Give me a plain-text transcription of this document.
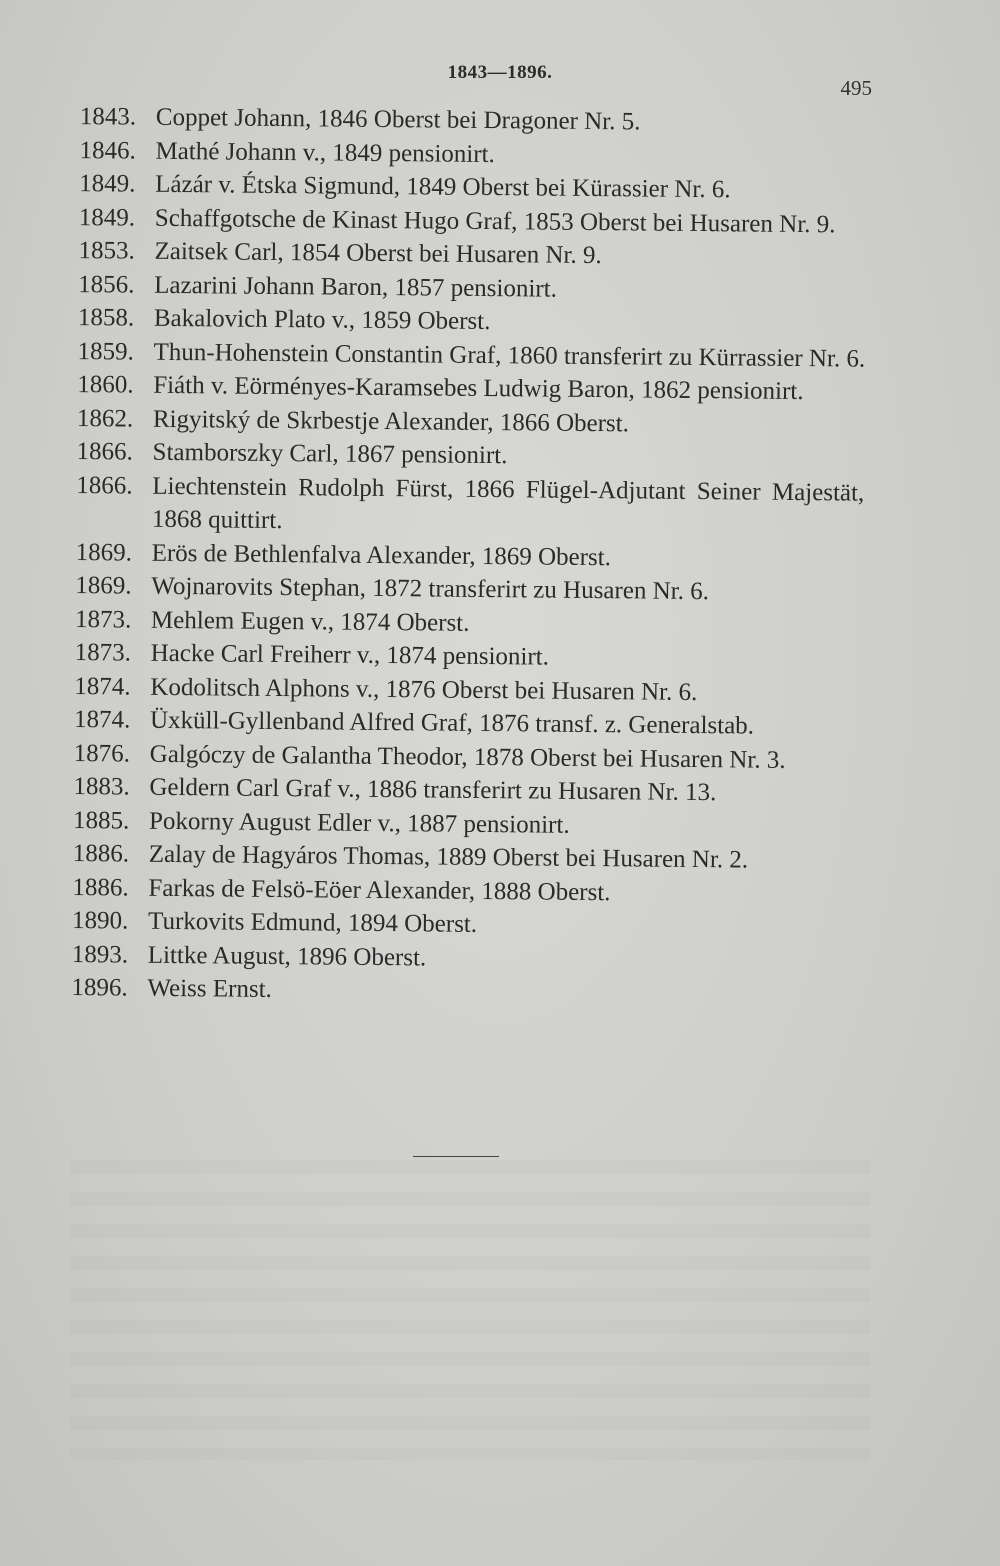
1843—1896.
495
1843. Coppet Johann, 1846 Oberst bei Dragoner Nr. 5.
1846. Mathé Johann v., 1849 pensionirt.
1849. Lázár v. Étska Sigmund, 1849 Oberst bei Kürassier Nr. 6.
1849. Schaffgotsche de Kinast Hugo Graf, 1853 Oberst bei Husaren Nr. 9.
1853. Zaitsek Carl, 1854 Oberst bei Husaren Nr. 9.
1856. Lazarini Johann Baron, 1857 pensionirt.
1858. Bakalovich Plato v., 1859 Oberst.
1859. Thun-Hohenstein Constantin Graf, 1860 transferirt zu Kürrassier Nr. 6.
1860. Fiáth v. Eörményes-Karamsebes Ludwig Baron, 1862 pensionirt.
1862. Rigyitský de Skrbestje Alexander, 1866 Oberst.
1866. Stamborszky Carl, 1867 pensionirt.
1866. Liechtenstein Rudolph Fürst, 1866 Flügel-Adjutant Seiner Majestät, 1868 quittirt.
1869. Erös de Bethlenfalva Alexander, 1869 Oberst.
1869. Wojnarovits Stephan, 1872 transferirt zu Husaren Nr. 6.
1873. Mehlem Eugen v., 1874 Oberst.
1873. Hacke Carl Freiherr v., 1874 pensionirt.
1874. Kodolitsch Alphons v., 1876 Oberst bei Husaren Nr. 6.
1874. Üxküll-Gyllenband Alfred Graf, 1876 transf. z. Generalstab.
1876. Galgóczy de Galantha Theodor, 1878 Oberst bei Husaren Nr. 3.
1883. Geldern Carl Graf v., 1886 transferirt zu Husaren Nr. 13.
1885. Pokorny August Edler v., 1887 pensionirt.
1886. Zalay de Hagyáros Thomas, 1889 Oberst bei Husaren Nr. 2.
1886. Farkas de Felsö-Eöer Alexander, 1888 Oberst.
1890. Turkovits Edmund, 1894 Oberst.
1893. Littke August, 1896 Oberst.
1896. Weiss Ernst.
